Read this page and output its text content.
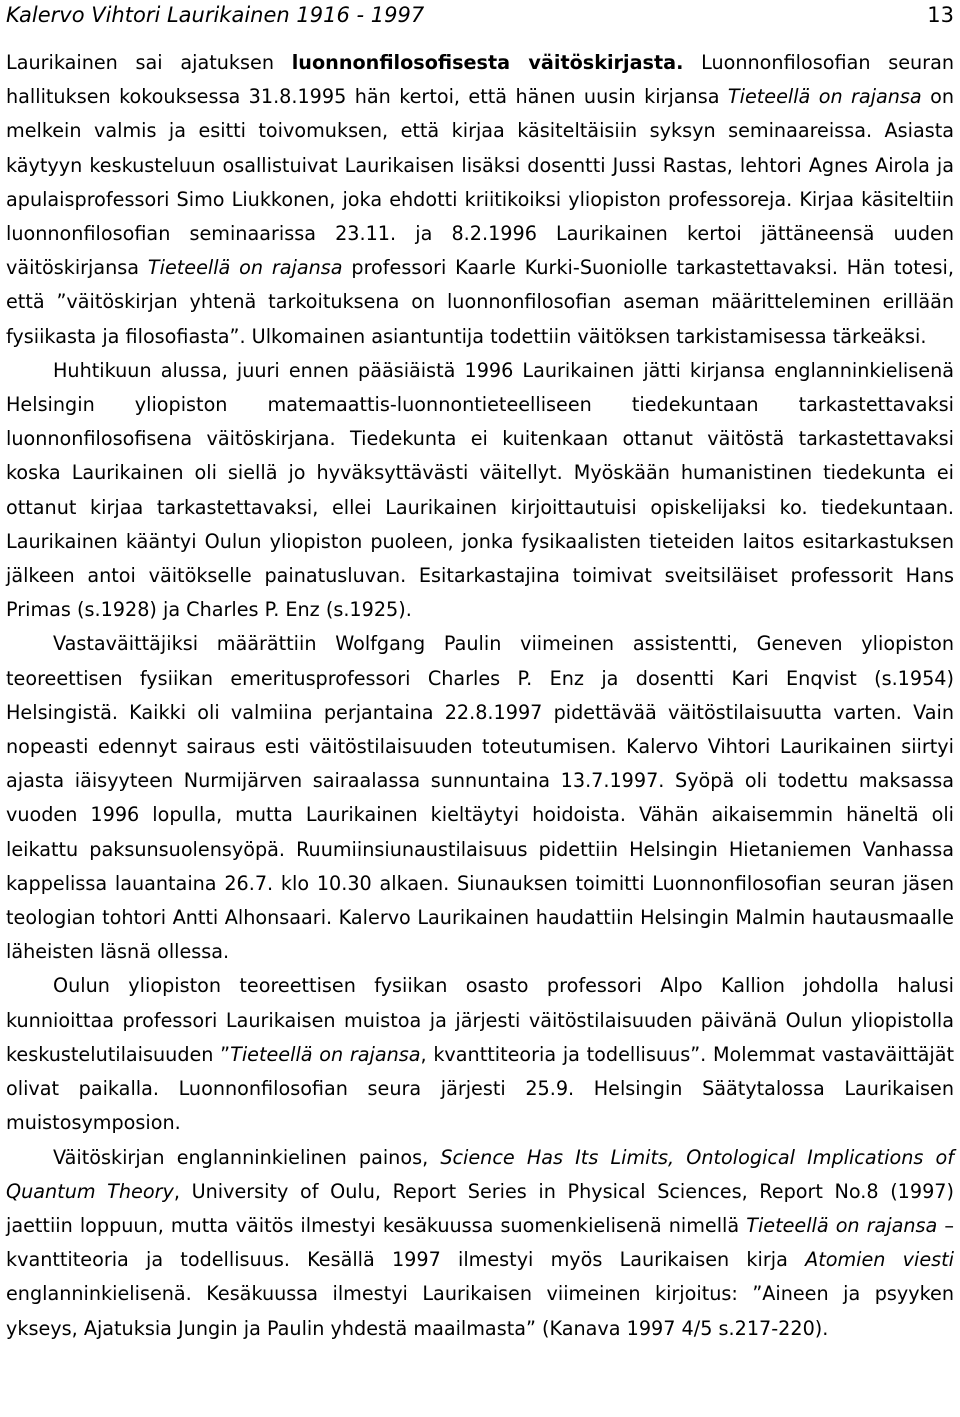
Kalervo Vihtori Laurikainen 1916 - 1997	13

Laurikainen sai ajatuksen luonnonfilosofisesta väitöskirjasta. Luonnonfilosofian seuran hallituksen kokouksessa 31.8.1995 hän kertoi, että hänen uusin kirjansa Tieteellä on rajansa on melkein valmis ja esitti toivomuksen, että kirjaa käsiteltäisiin syksyn seminaareissa. Asiasta käytyyn keskusteluun osallistuivat Laurikaisen lisäksi dosentti Jussi Rastas, lehtori Agnes Airola ja apulaisprofessori Simo Liukkonen, joka ehdotti kriitikoiksi yliopiston professoreja. Kirjaa käsiteltiin luonnonfilosofian seminaarissa 23.11. ja 8.2.1996 Laurikainen kertoi jättäneensä uuden väitöskirjansa Tieteellä on rajansa professori Kaarle Kurki-Suoniolle tarkastettavaksi. Hän totesi, että ”väitöskirjan yhtenä tarkoituksena on luonnonfilosofian aseman määritteleminen erillään fysiikasta ja filosofiasta”. Ulkomainen asiantuntija todettiin väitöksen tarkistamisessa tärkeäksi.

Huhtikuun alussa, juuri ennen pääsiäistä 1996 Laurikainen jätti kirjansa englanninkielisenä Helsingin yliopiston matemaattis-luonnontieteelliseen tiedekuntaan tarkastettavaksi luonnonfilosofisena väitöskirjana. Tiedekunta ei kuitenkaan ottanut väitöstä tarkastettavaksi koska Laurikainen oli siellä jo hyväksyttävästi väitellyt. Myöskään humanistinen tiedekunta ei ottanut kirjaa tarkastettavaksi, ellei Laurikainen kirjoittautuisi opiskelijaksi ko. tiedekuntaan. Laurikainen kääntyi Oulun yliopiston puoleen, jonka fysikaalisten tieteiden laitos esitarkastuksen jälkeen antoi väitökselle painatusluvan. Esitarkastajina toimivat sveitsiläiset professorit Hans Primas (s.1928) ja Charles P. Enz (s.1925).

Vastaväittäjiksi määrättiin Wolfgang Paulin viimeinen assistentti, Geneven yliopiston teoreettisen fysiikan emeritusprofessori Charles P. Enz ja dosentti Kari Enqvist (s.1954) Helsingistä. Kaikki oli valmiina perjantaina 22.8.1997 pidettävää väitöstilaisuutta varten. Vain nopeasti edennyt sairaus esti väitöstilaisuuden toteutumisen. Kalervo Vihtori Laurikainen siirtyi ajasta iäisyyteen Nurmijärven sairaalassa sunnuntaina 13.7.1997. Syöpä oli todettu maksassa vuoden 1996 lopulla, mutta Laurikainen kieltäytyi hoidoista. Vähän aikaisemmin häneltä oli leikattu paksunsuolensyöpä. Ruumiinsiunaustilaisuus pidettiin Helsingin Hietaniemen Vanhassa kappelissa lauantaina 26.7. klo 10.30 alkaen. Siunauksen toimitti Luonnonfilosofian seuran jäsen teologian tohtori Antti Alhonsaari. Kalervo Laurikainen haudattiin Helsingin Malmin hautausmaalle läheisten läsnä ollessa.

Oulun yliopiston teoreettisen fysiikan osasto professori Alpo Kallion johdolla halusi kunnioittaa professori Laurikaisen muistoa ja järjesti väitöstilaisuuden päivänä Oulun yliopistolla keskustelutilaisuuden ”Tieteellä on rajansa, kvanttiteoria ja todellisuus”. Molemmat vastaväittäjät olivat paikalla. Luonnonfilosofian seura järjesti 25.9. Helsingin Säätytalossa Laurikaisen muistosymposion.

Väitöskirjan englanninkielinen painos, Science Has Its Limits, Ontological Implications of Quantum Theory, University of Oulu, Report Series in Physical Sciences, Report No.8 (1997) jaettiin loppuun, mutta väitös ilmestyi kesäkuussa suomenkielisenä nimellä Tieteellä on rajansa – kvanttiteoria ja todellisuus. Kesällä 1997 ilmestyi myös Laurikaisen kirja Atomien viesti englanninkielisenä. Kesäkuussa ilmestyi Laurikaisen viimeinen kirjoitus: ”Aineen ja psyyken ykseys, Ajatuksia Jungin ja Paulin yhdestä maailmasta” (Kanava 1997 4/5 s.217-220).
